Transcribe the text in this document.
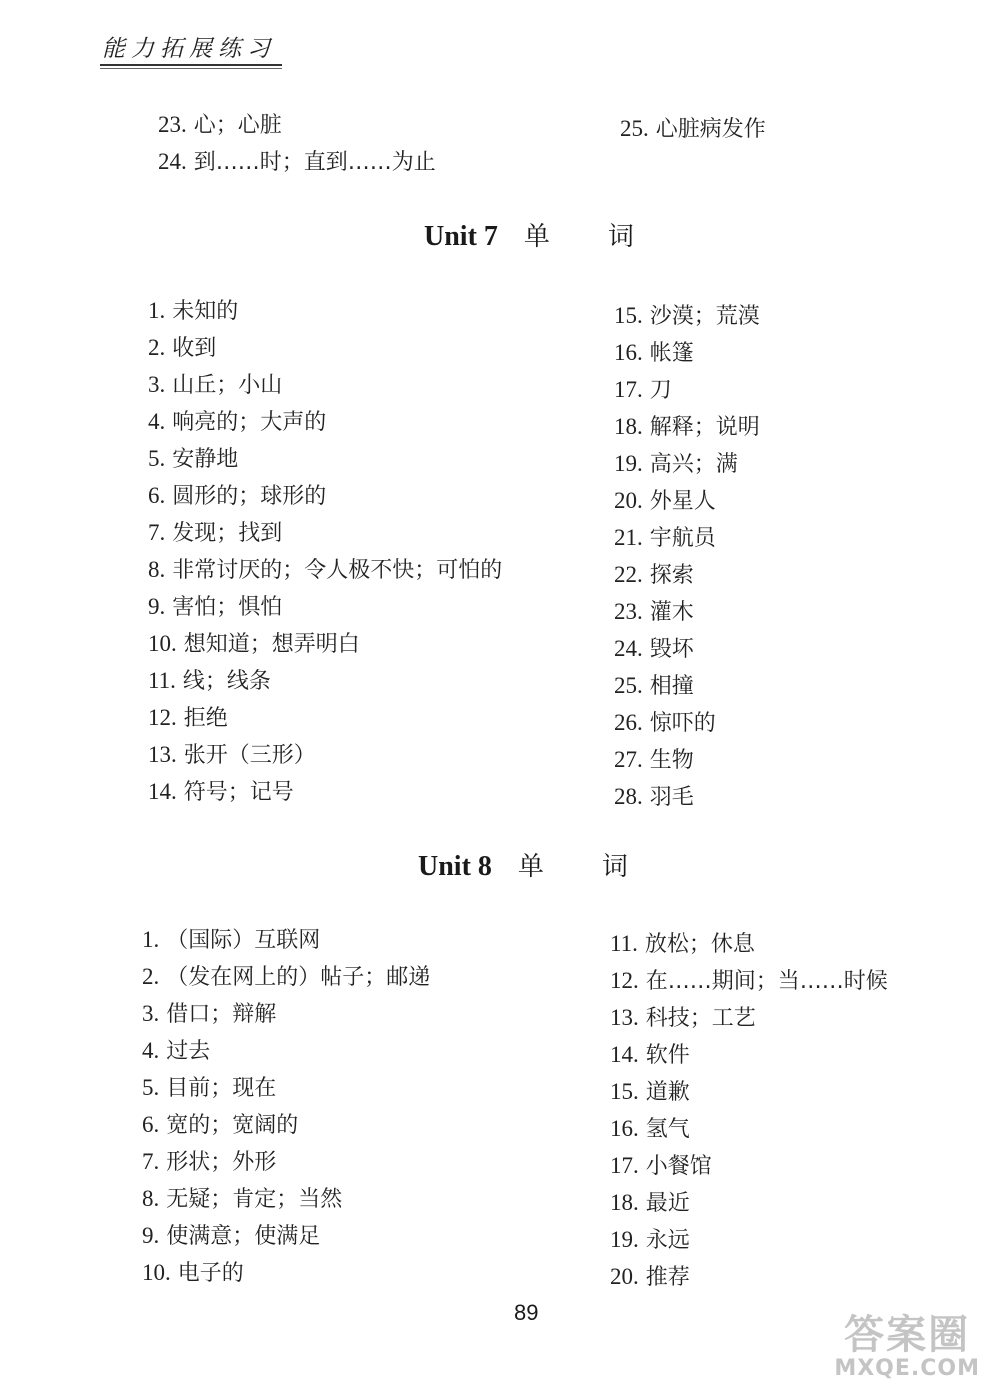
能力拓展练习
23. 心；心脏
24. 到……时；直到……为止
25. 心脏病发作
Unit 7 单词
1. 未知的
2. 收到
3. 山丘；小山
4. 响亮的；大声的
5. 安静地
6. 圆形的；球形的
7. 发现；找到
8. 非常讨厌的；令人极不快；可怕的
9. 害怕；惧怕
10. 想知道；想弄明白
11. 线；线条
12. 拒绝
13. 张开（三形）
14. 符号；记号
15. 沙漠；荒漠
16. 帐篷
17. 刀
18. 解释；说明
19. 高兴；满
20. 外星人
21. 宇航员
22. 探索
23. 灌木
24. 毁坏
25. 相撞
26. 惊吓的
27. 生物
28. 羽毛
Unit 8 单词
1. （国际）互联网
2. （发在网上的）帖子；邮递
3. 借口；辩解
4. 过去
5. 目前；现在
6. 宽的；宽阔的
7. 形状；外形
8. 无疑；肯定；当然
9. 使满意；使满足
10. 电子的
11. 放松；休息
12. 在……期间；当……时候
13. 科技；工艺
14. 软件
15. 道歉
16. 氢气
17. 小餐馆
18. 最近
19. 永远
20. 推荐
89	答案圈
MXQE.COM
